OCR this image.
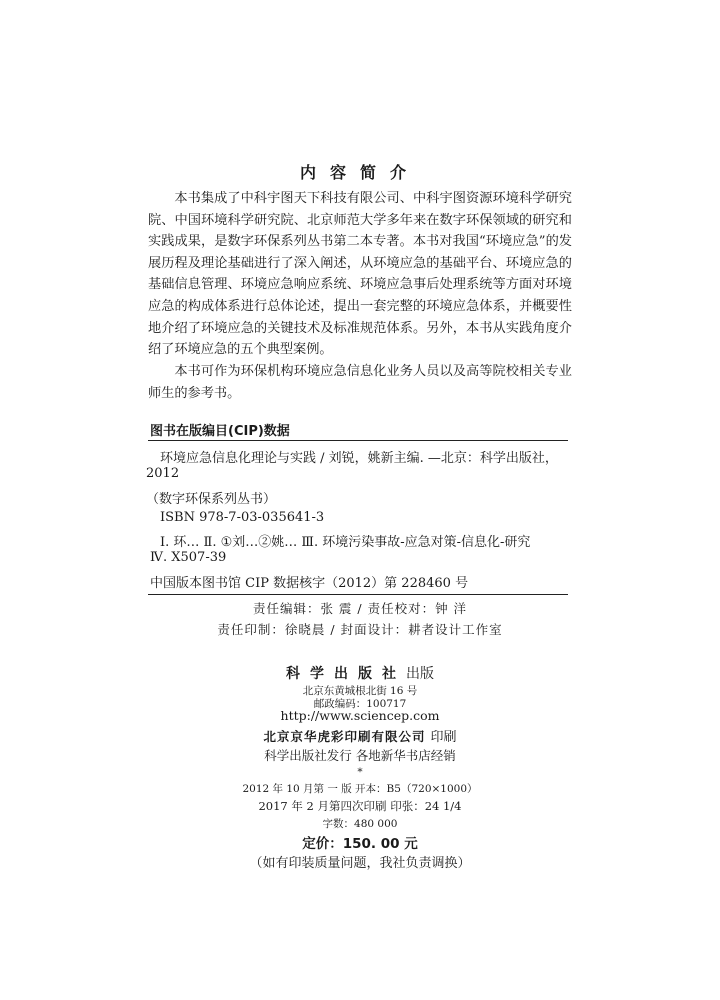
内容简介

本书集成了中科宇图天下科技有限公司、中科宇图资源环境科学研究院、中国环境科学研究院、北京师范大学多年来在数字环保领域的研究和实践成果，是数字环保系列丛书第二本专著。本书对我国“环境应急”的发展历程及理论基础进行了深入阐述，从环境应急的基础平台、环境应急的基础信息管理、环境应急响应系统、环境应急事后处理系统等方面对环境应急的构成体系进行总体论述，提出一套完整的环境应急体系，并概要性地介绍了环境应急的关键技术及标准规范体系。另外，本书从实践角度介绍了环境应急的五个典型案例。

本书可作为环保机构环境应急信息化业务人员以及高等院校相关专业师生的参考书。

图书在版编目(CIP)数据
环境应急信息化理论与实践 / 刘锐，姚新主编. —北京：科学出版社，
2012
（数字环保系列丛书）
ISBN 978-7-03-035641-3
Ⅰ. 环… Ⅱ. ①刘…②姚… Ⅲ. 环境污染事故-应急对策-信息化-研究
Ⅳ. X507-39
中国版本图书馆 CIP 数据核字（2012）第 228460 号
责任编辑：张 震 / 责任校对：钟 洋
责任印制：徐晓晨 / 封面设计：耕者设计工作室
科学出版社出版
北京东黄城根北街 16 号
邮政编码：100717
http://www.sciencep.com
北京京华虎彩印刷有限公司 印刷
科学出版社发行 各地新华书店经销
*
2012 年 10 月第 一 版 开本：B5（720×1000）
2017 年 2 月第四次印刷 印张：24 1/4
字数：480 000
定价：150. 00 元
（如有印装质量问题，我社负责调换）
